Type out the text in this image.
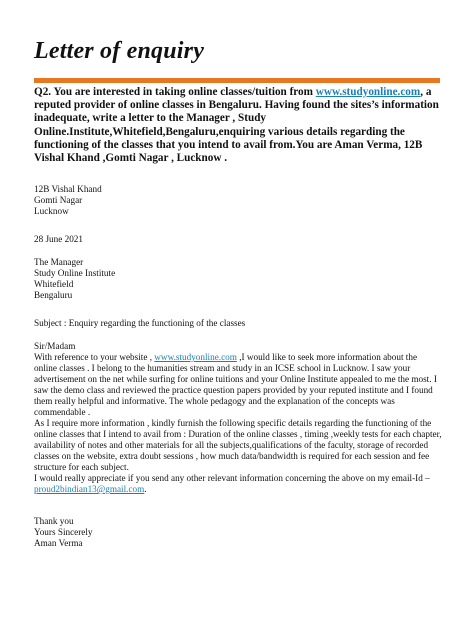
Letter of enquiry
Q2. You are interested in taking online classes/tuition from www.studyonline.com, a reputed provider of online classes in Bengaluru. Having found the sites’s information inadequate, write a letter to the Manager , Study Online.Institute,Whitefield,Bengaluru,enquiring various details regarding the functioning of the classes that you intend to avail from.You are Aman Verma, 12B Vishal Khand ,Gomti Nagar , Lucknow .
12B Vishal Khand
Gomti Nagar
Lucknow
28 June 2021
The Manager
Study Online Institute
Whitefield
Bengaluru
Subject : Enquiry regarding the functioning of the classes
Sir/Madam
With reference to your website , www.studyonline.com ,I would like to seek more information about the online classes . I belong to the humanities stream and study in an ICSE school in Lucknow. I saw your advertisement on the net while surfing for online tuitions and your Online Institute appealed to me the most. I saw the demo class and reviewed the practice question papers provided by your reputed institute and I found them really helpful and informative. The whole pedagogy and the explanation of the concepts was commendable .
As I require more information , kindly furnish the following specific details regarding the functioning of the online classes that I intend to avail from : Duration of the online classes , timing ,weekly tests for each chapter, availability of notes and other materials for all the subjects,qualifications of the faculty, storage of recorded classes on the website, extra doubt sessions , how much data/bandwidth is required for each session and fee structure for each subject.
I would really appreciate if you send any other relevant information concerning the above on my email-Id – proud2bindian13@gmail.com.
Thank you
Yours Sincerely
Aman Verma
